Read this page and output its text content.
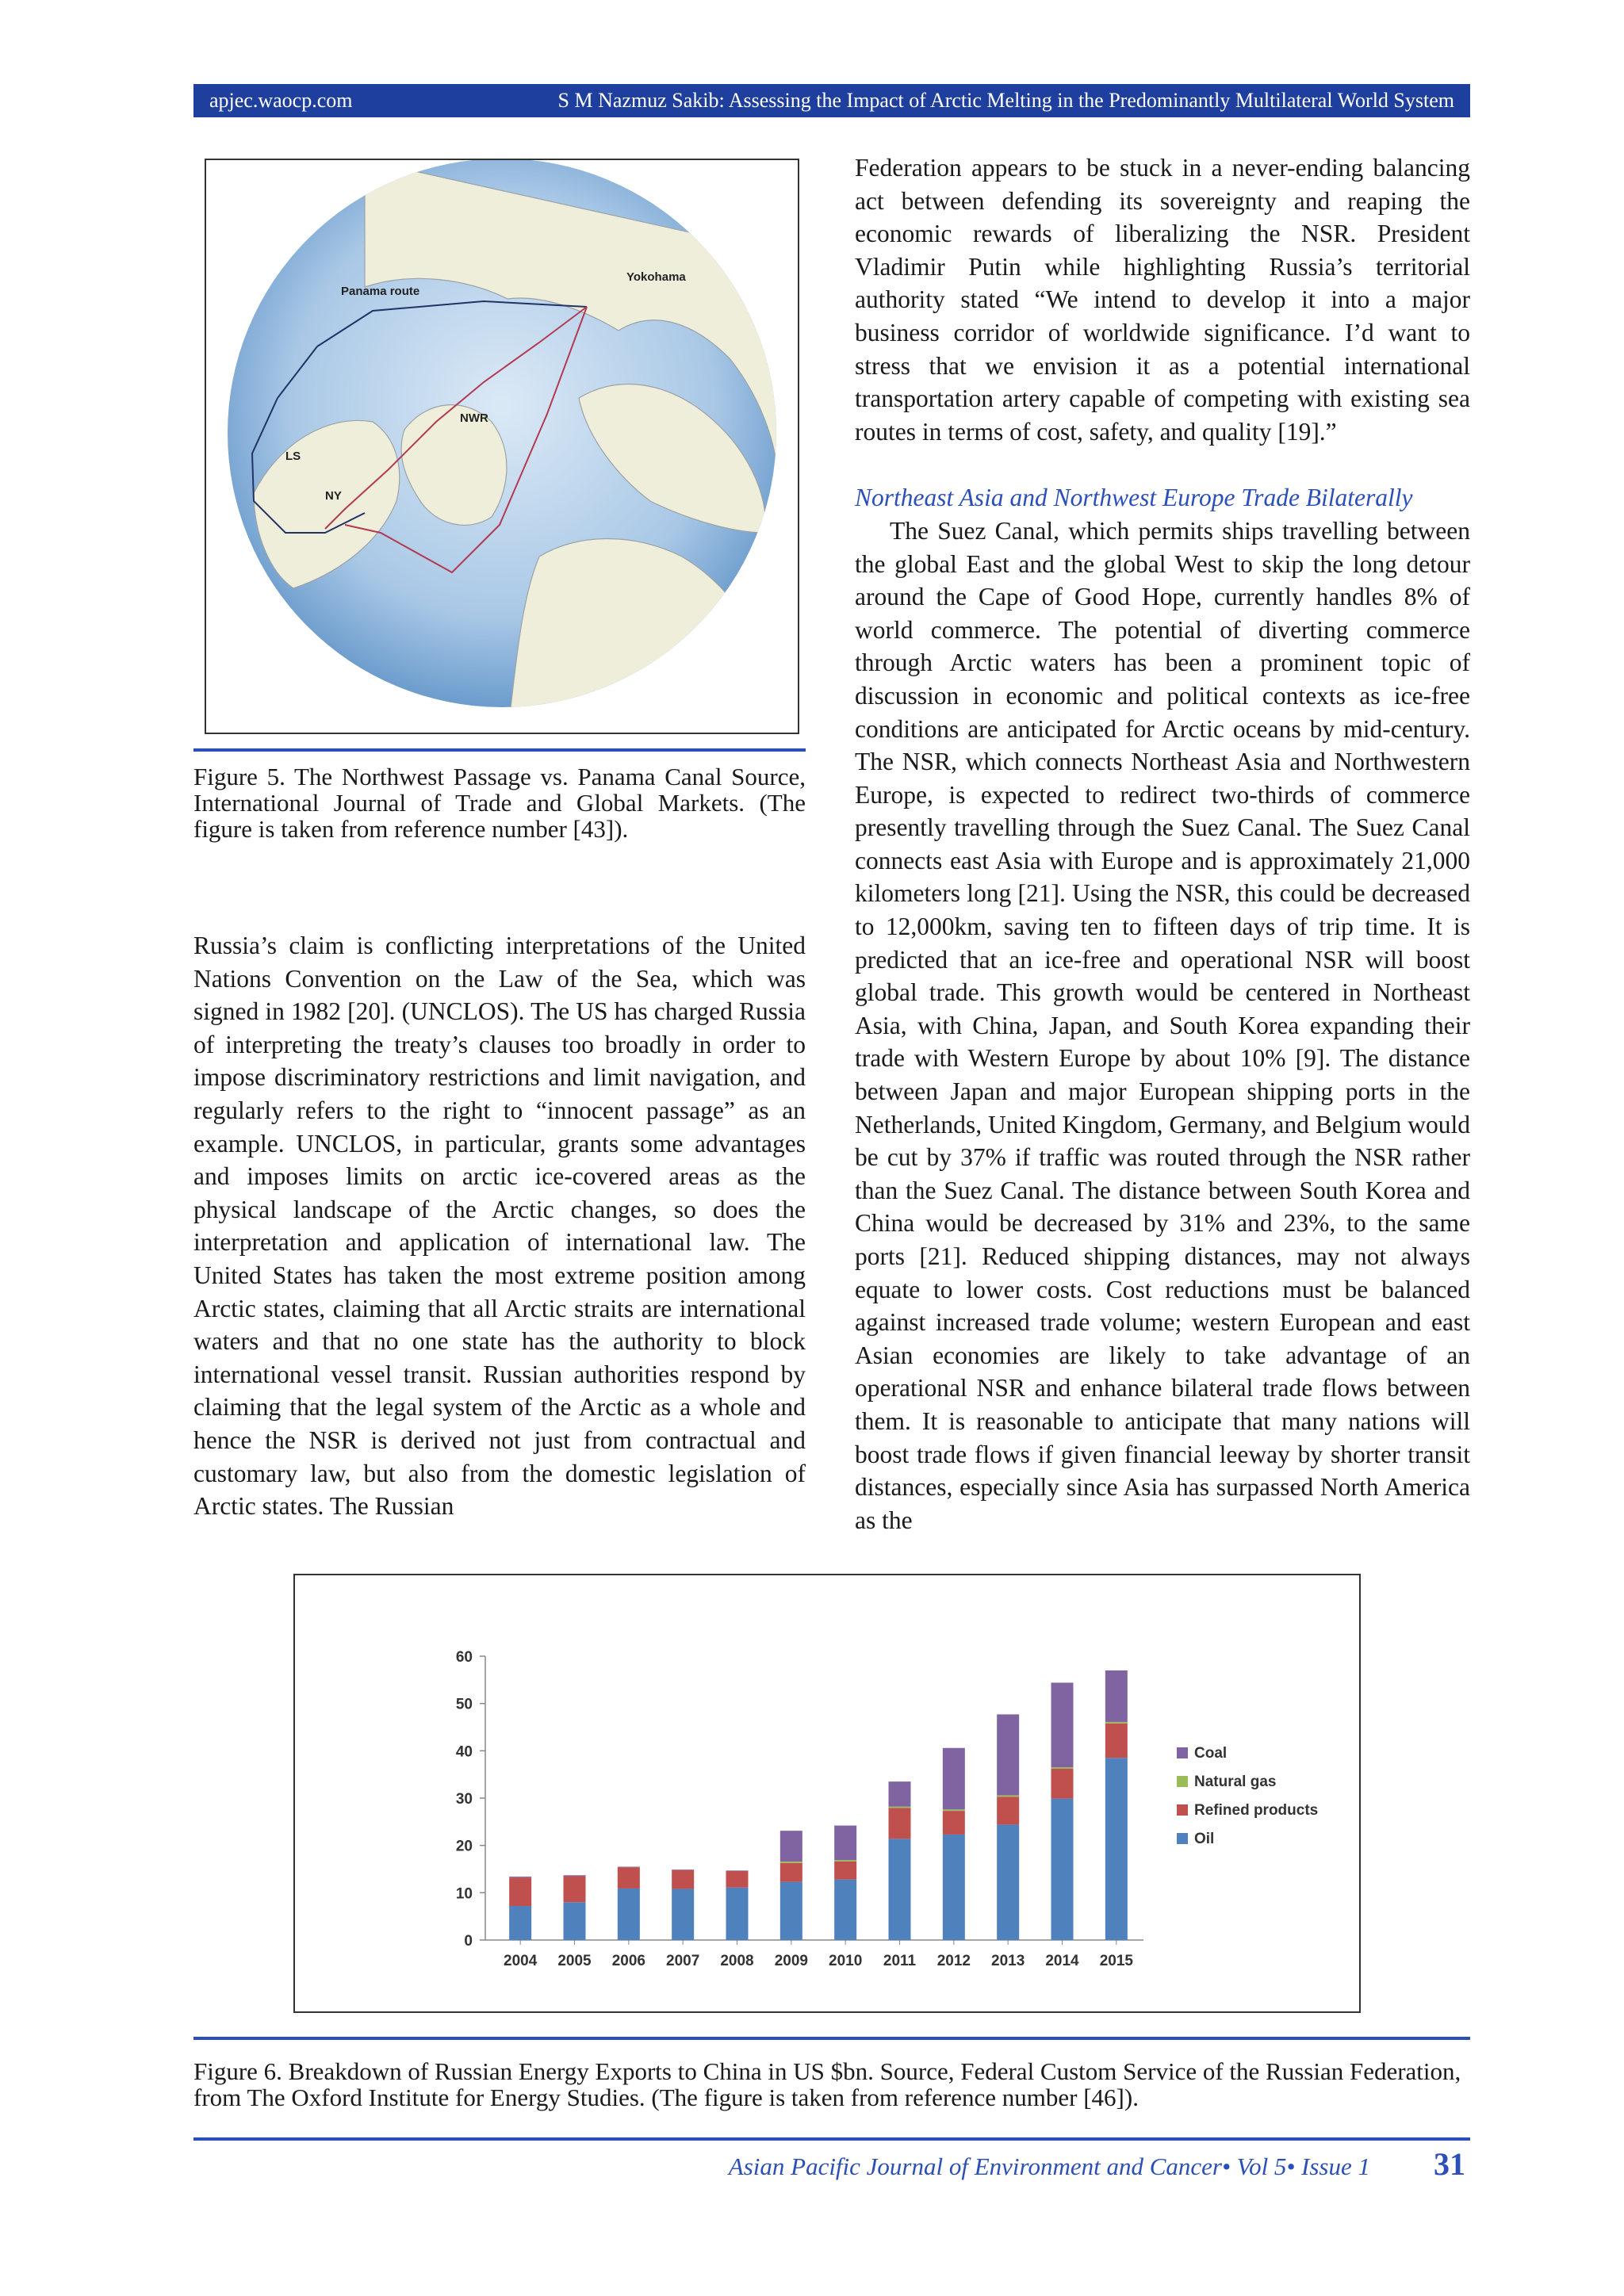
apjec.waocp.com	S M Nazmuz Sakib: Assessing the Impact of Arctic Melting in the Predominantly Multilateral World System
Panama route
Yokohama
NWR
LS
NY
Figure 5. The Northwest Passage vs. Panama Canal Source, International Journal of Trade and Global Markets. (The figure is taken from reference number [43]).

Russia’s claim is conflicting interpretations of the United Nations Convention on the Law of the Sea, which was signed in 1982 [20]. (UNCLOS). The US has charged Russia of interpreting the treaty’s clauses too broadly in order to impose discriminatory restrictions and limit navigation, and regularly refers to the right to “innocent passage” as an example. UNCLOS, in particular, grants some advantages and imposes limits on arctic ice-covered areas as the physical landscape of the Arctic changes, so does the interpretation and application of international law. The United States has taken the most extreme position among Arctic states, claiming that all Arctic straits are international waters and that no one state has the authority to block international vessel transit. Russian authorities respond by claiming that the legal system of the Arctic as a whole and hence the NSR is derived not just from contractual and customary law, but also from the domestic legislation of Arctic states. The Russian

Federation appears to be stuck in a never-ending balancing act between defending its sovereignty and reaping the economic rewards of liberalizing the NSR. President Vladimir Putin while highlighting Russia’s territorial authority stated “We intend to develop it into a major business corridor of worldwide significance. I’d want to stress that we envision it as a potential international transportation artery capable of competing with existing sea routes in terms of cost, safety, and quality [19].”

Northeast Asia and Northwest Europe Trade Bilaterally

The Suez Canal, which permits ships travelling between the global East and the global West to skip the long detour around the Cape of Good Hope, currently handles 8% of world commerce. The potential of diverting commerce through Arctic waters has been a prominent topic of discussion in economic and political contexts as ice-free conditions are anticipated for Arctic oceans by mid-century. The NSR, which connects Northeast Asia and Northwestern Europe, is expected to redirect two-thirds of commerce presently travelling through the Suez Canal. The Suez Canal connects east Asia with Europe and is approximately 21,000 kilometers long [21]. Using the NSR, this could be decreased to 12,000km, saving ten to fifteen days of trip time. It is predicted that an ice-free and operational NSR will boost global trade. This growth would be centered in Northeast Asia, with China, Japan, and South Korea expanding their trade with Western Europe by about 10% [9]. The distance between Japan and major European shipping ports in the Netherlands, United Kingdom, Germany, and Belgium would be cut by 37% if traffic was routed through the NSR rather than the Suez Canal. The distance between South Korea and China would be decreased by 31% and 23%, to the same ports [21]. Reduced shipping distances, may not always equate to lower costs. Cost reductions must be balanced against increased trade volume; western European and east Asian economies are likely to take advantage of an operational NSR and enhance bilateral trade flows between them. It is reasonable to anticipate that many nations will boost trade flows if given financial leeway by shorter transit distances, especially since Asia has surpassed North America as the

0
10
20
30
40
50
60
2004 2005 2006 2007 2008 2009 2010 2011 2012 2013 2014 2015
Coal
Natural gas
Refined products
Oil
Figure 6. Breakdown of Russian Energy Exports to China in US $bn. Source, Federal Custom Service of the Russian Federation, from The Oxford Institute for Energy Studies. (The figure is taken from reference number [46]).
Asian Pacific Journal of Environment and Cancer• Vol 5• Issue 1 31
